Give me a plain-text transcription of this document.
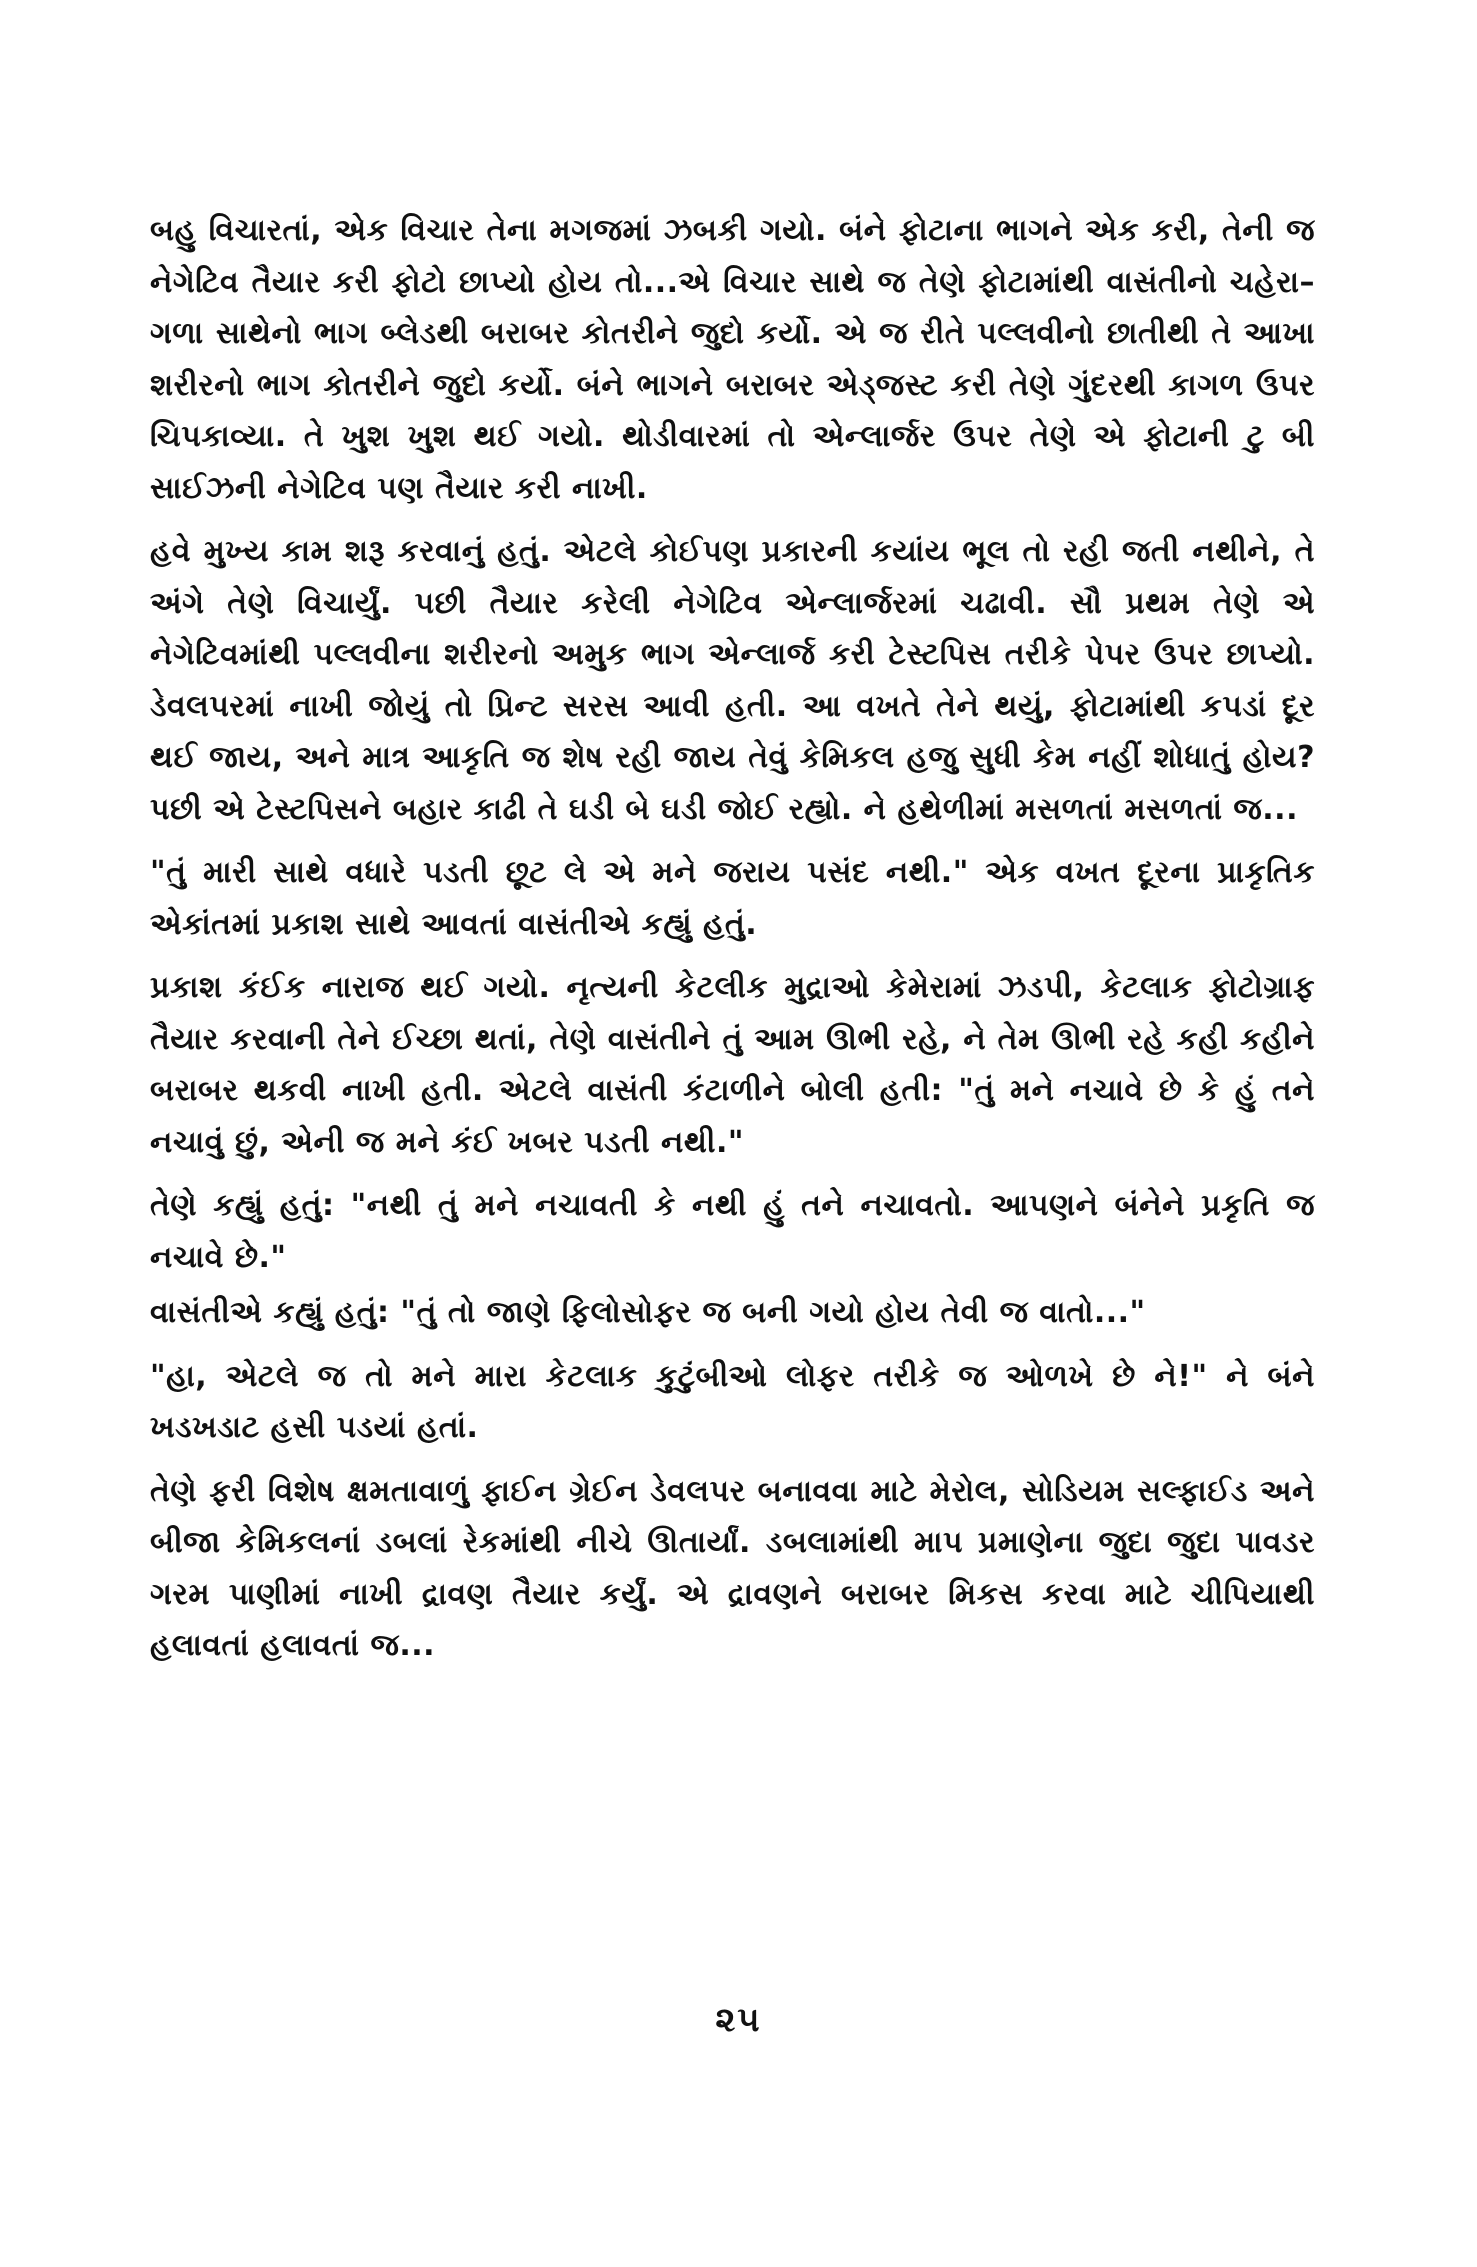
બહુ વિચારતાં, એક વિચાર તેના મગજમાં ઝબકી ગયો. બંને ફોટાના ભાગને એક કરી, તેની જ નેગેટિવ તૈયાર કરી ફોટો છાપ્યો હોય તો...એ વિચાર સાથે જ તેણે ફોટામાંથી વાસંતીનો ચહેરા–ગળા સાથેનો ભાગ બ્લેડથી બરાબર કોતરીને જુદો કર્યો. એ જ રીતે પલ્લવીનો છાતીથી તે આખા શરીરનો ભાગ કોતરીને જુદો કર્યો. બંને ભાગને બરાબર એડ્જસ્ટ કરી તેણે ગુંદરથી કાગળ ઉપર ચિપકાવ્યા. તે ખુશ ખુશ થઈ ગયો. થોડીવારમાં તો એન્લાર્જર ઉપર તેણે એ ફોટાની ટુ બી સાઈઝની નેગેટિવ પણ તૈયાર કરી નાખી.

હવે મુખ્ય કામ શરૂ કરવાનું હતું. એટલે કોઈપણ પ્રકારની કયાંય ભૂલ તો રહી જતી નથીને, તે અંગે તેણે વિચાર્યું. પછી તૈયાર કરેલી નેગેટિવ એન્લાર્જરમાં ચઢાવી. સૌ પ્રથમ તેણે એ નેગેટિવમાંથી પલ્લવીના શરીરનો અમુક ભાગ એન્લાર્જ કરી ટેસ્ટપિસ તરીકે પેપર ઉપર છાપ્યો. ડેવલપરમાં નાખી જોયું તો પ્રિન્ટ સરસ આવી હતી. આ વખતે તેને થયું, ફોટામાંથી કપડાં દૂર થઈ જાય, અને માત્ર આકૃતિ જ શેષ રહી જાય તેવું કેમિકલ હજુ સુધી કેમ નહીં શોધાતું હોય? પછી એ ટેસ્ટપિસને બહાર કાઢી તે ઘડી બે ઘડી જોઈ રહ્યો. ને હથેળીમાં મસળતાં મસળતાં જ...

"તું મારી સાથે વધારે પડતી છૂટ લે એ મને જરાય પસંદ નથી." એક વખત દૂરના પ્રાકૃતિક એકાંતમાં પ્રકાશ સાથે આવતાં વાસંતીએ કહ્યું હતું.

પ્રકાશ કંઈક નારાજ થઈ ગયો. નૃત્યની કેટલીક મુદ્રાઓ કેમેરામાં ઝડપી, કેટલાક ફોટોગ્રાફ તૈયાર કરવાની તેને ઈચ્છા થતાં, તેણે વાસંતીને તું આમ ઊભી રહે, ને તેમ ઊભી રહે કહી કહીને બરાબર થકવી નાખી હતી. એટલે વાસંતી કંટાળીને બોલી હતી: "તું મને નચાવે છે કે હું તને નચાવું છું, એની જ મને કંઈ ખબર પડતી નથી."

તેણે કહ્યું હતું: "નથી તું મને નચાવતી કે નથી હું તને નચાવતો. આપણને બંનેને પ્રકૃતિ જ નચાવે છે."

વાસંતીએ કહ્યું હતું: "તું તો જાણે ફિલોસોફર જ બની ગયો હોય તેવી જ વાતો..."

"હા, એટલે જ તો મને મારા કેટલાક કુટુંબીઓ લોફર તરીકે જ ઓળખે છે ને!" ને બંને ખડખડાટ હસી પડયાં હતાં.

તેણે ફરી વિશેષ ક્ષમતાવાળું ફાઈન ગ્રેઈન ડેવલપર બનાવવા માટે મેરોલ, સોડિયમ સલ્ફાઈડ અને બીજા કેમિકલનાં ડબલાં રેકમાંથી નીચે ઊતાર્યાં. ડબલામાંથી માપ પ્રમાણેના જુદા જુદા પાવડર ગરમ પાણીમાં નાખી દ્રાવણ તૈયાર કર્યું. એ દ્રાવણને બરાબર મિકસ કરવા માટે ચીપિયાથી હલાવતાં હલાવતાં જ...

૨૫
